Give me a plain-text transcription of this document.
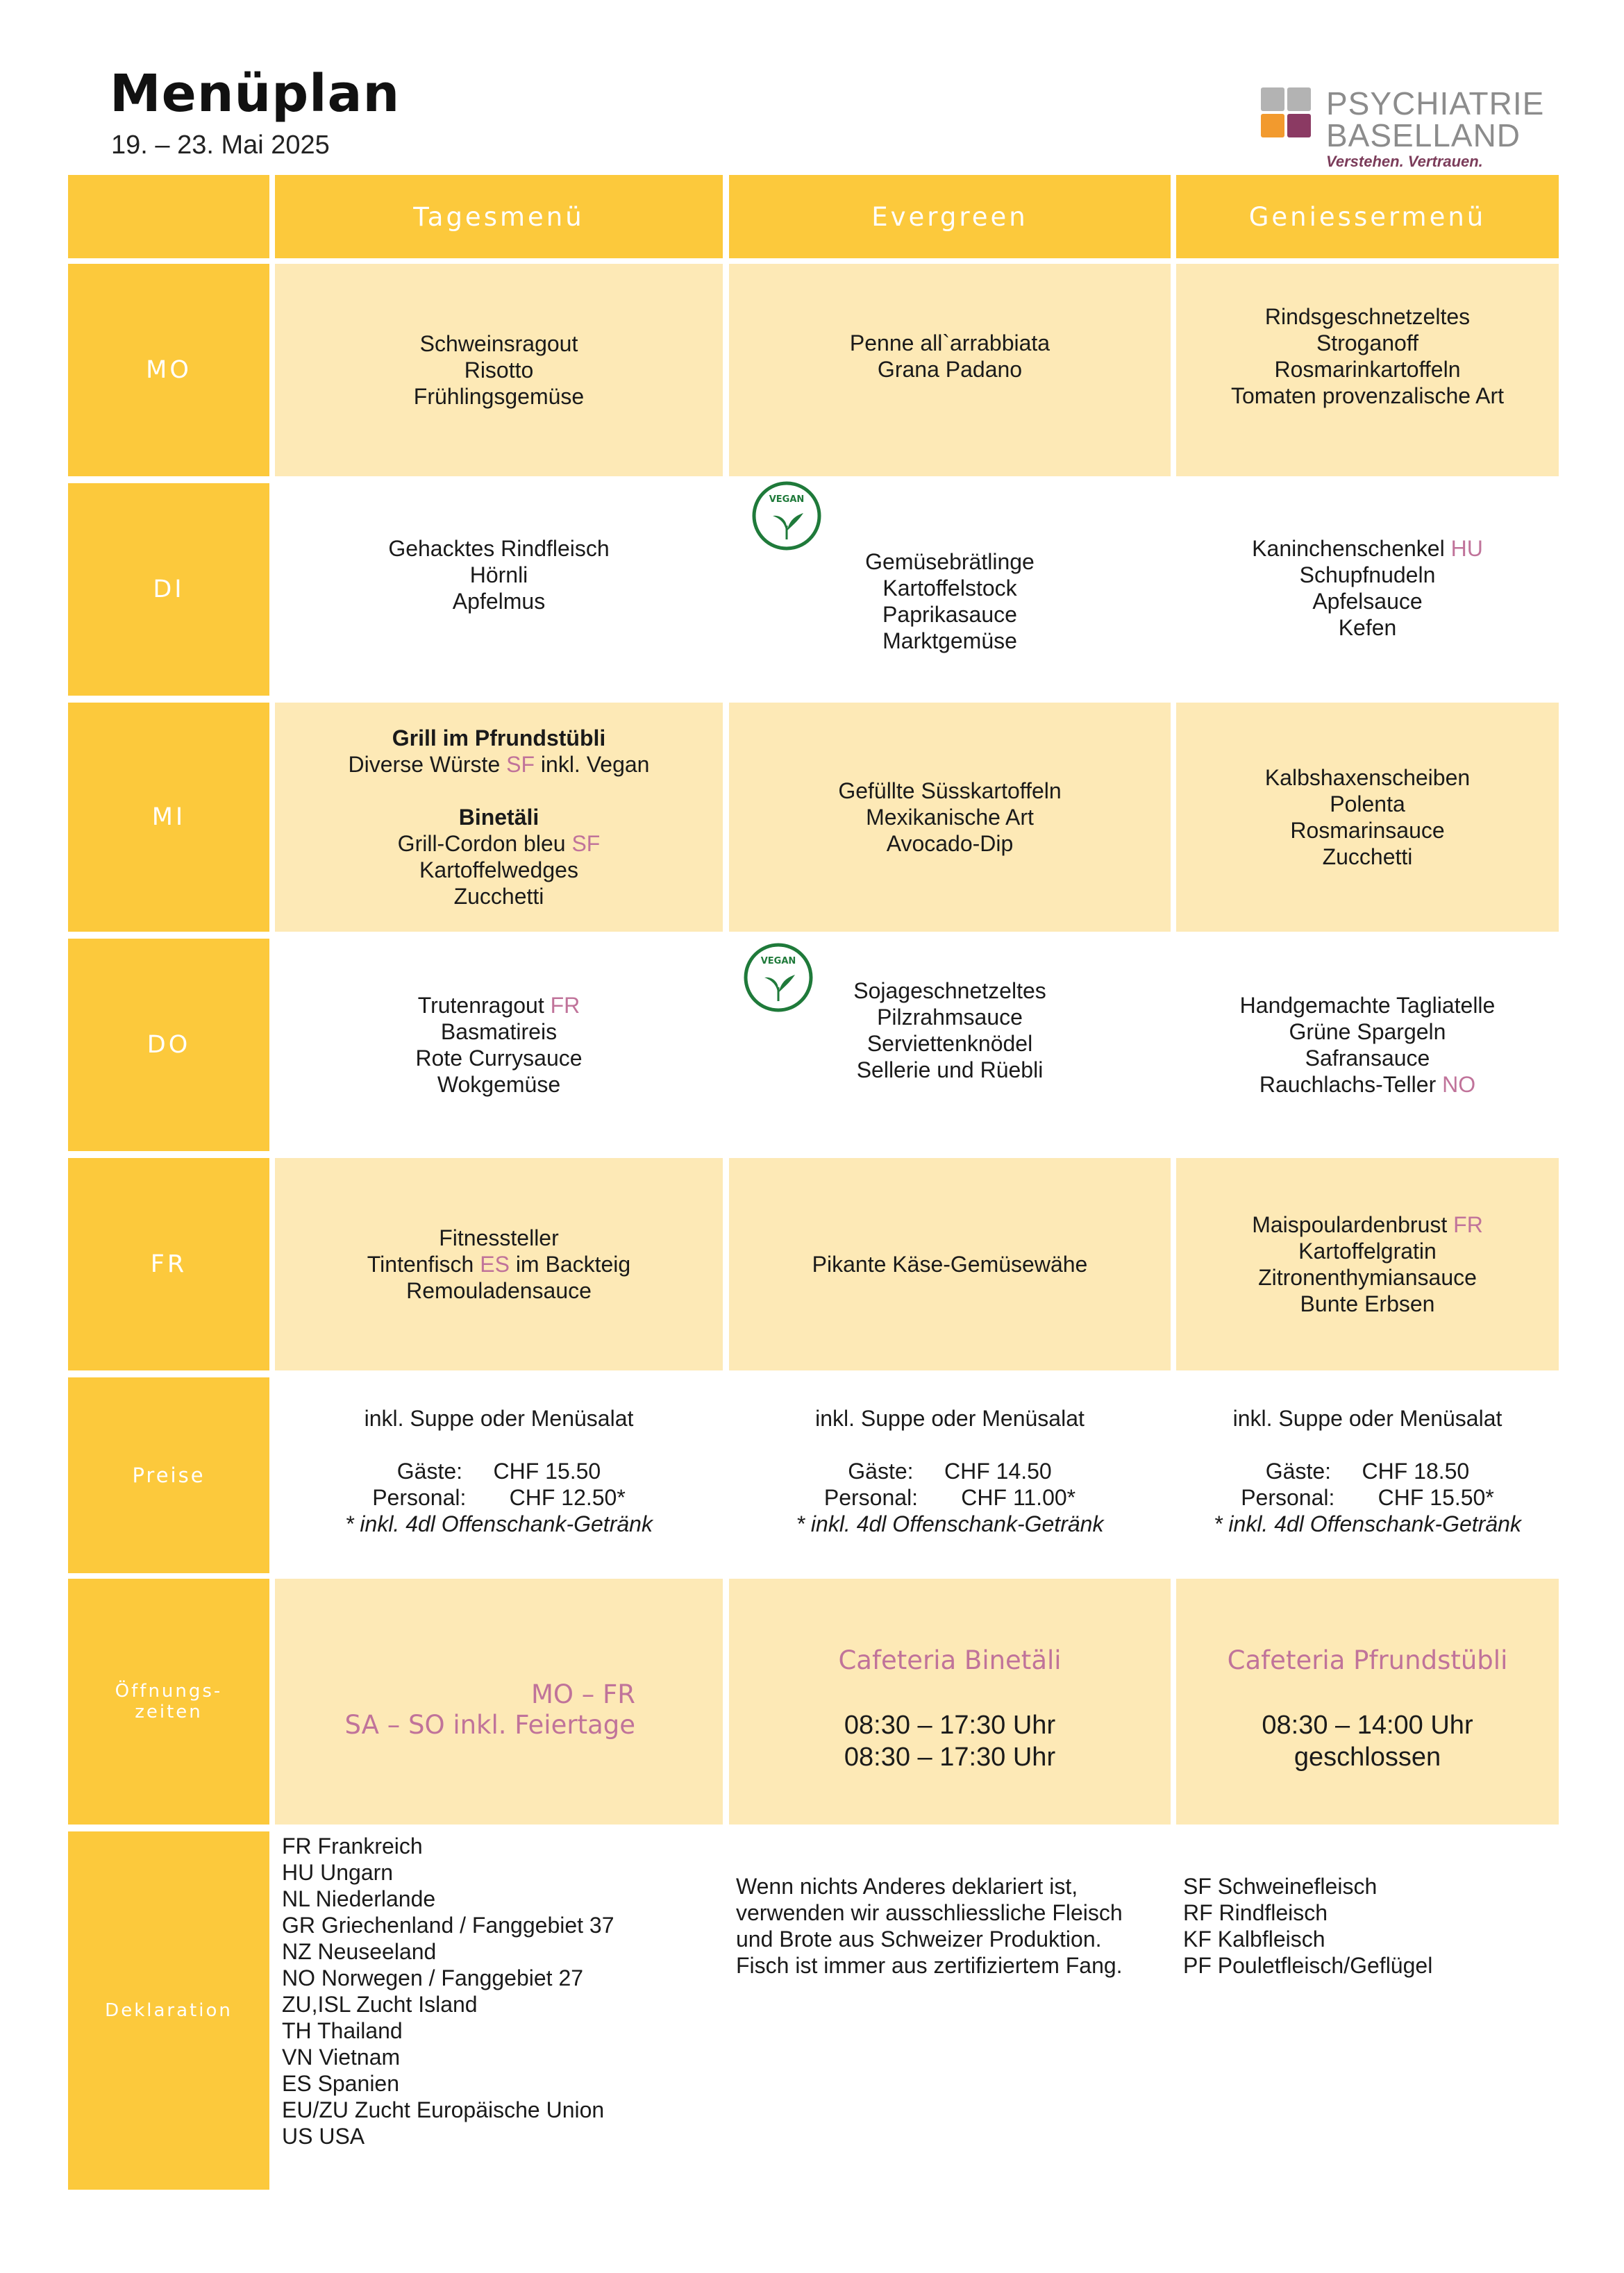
Menüplan
19. – 23. Mai 2025
PSYCHIATRIE
BASELLAND
Verstehen. Vertrauen.
Tagesmenü	Evergreen	Geniessermenü
MO
Schweinsragout
Risotto
Frühlingsgemüse
Penne all`arrabbiata
Grana Padano
Rindsgeschnetzeltes
Stroganoff
Rosmarinkartoffeln
Tomaten provenzalische Art
DI
Gehacktes Rindfleisch
Hörnli
Apfelmus
Gemüsebrätlinge
Kartoffelstock
Paprikasauce
Marktgemüse
Kaninchenschenkel HU
Schupfnudeln
Apfelsauce
Kefen
MI
Grill im Pfrundstübli
Diverse Würste SF inkl. Vegan
Binetäli
Grill-Cordon bleu SF
Kartoffelwedges
Zucchetti
Gefüllte Süsskartoffeln
Mexikanische Art
Avocado-Dip
Kalbshaxenscheiben
Polenta
Rosmarinsauce
Zucchetti
DO
Trutenragout FR
Basmatireis
Rote Currysauce
Wokgemüse
Sojageschnetzeltes
Pilzrahmsauce
Serviettenknödel
Sellerie und Rüebli
Handgemachte Tagliatelle
Grüne Spargeln
Safransauce
Rauchlachs-Teller NO
FR
Fitnessteller
Tintenfisch ES im Backteig
Remouladensauce
Pikante Käse-Gemüsewähe
Maispoulardenbrust FR
Kartoffelgratin
Zitronenthymiansauce
Bunte Erbsen
Preise
inkl. Suppe oder Menüsalat
Gäste: CHF 15.50
Personal: CHF 12.50*
* inkl. 4dl Offenschank-Getränk
inkl. Suppe oder Menüsalat
Gäste: CHF 14.50
Personal: CHF 11.00*
* inkl. 4dl Offenschank-Getränk
inkl. Suppe oder Menüsalat
Gäste: CHF 18.50
Personal: CHF 15.50*
* inkl. 4dl Offenschank-Getränk
Öffnungs-
zeiten
MO – FR
SA – SO inkl. Feiertage
Cafeteria Binetäli
08:30 – 17:30 Uhr
08:30 – 17:30 Uhr
Cafeteria Pfrundstübli
08:30 – 14:00 Uhr
geschlossen
Deklaration
FR Frankreich
HU Ungarn
NL Niederlande
GR Griechenland / Fanggebiet 37
NZ Neuseeland
NO Norwegen / Fanggebiet 27
ZU,ISL Zucht Island
TH Thailand
VN Vietnam
ES Spanien
EU/ZU Zucht Europäische Union
US USA
Wenn nichts Anderes deklariert ist,
verwenden wir ausschliessliche Fleisch
und Brote aus Schweizer Produktion.
Fisch ist immer aus zertifiziertem Fang.
SF Schweinefleisch
RF Rindfleisch
KF Kalbfleisch
PF Pouletfleisch/Geflügel
VEGAN
VEGAN
